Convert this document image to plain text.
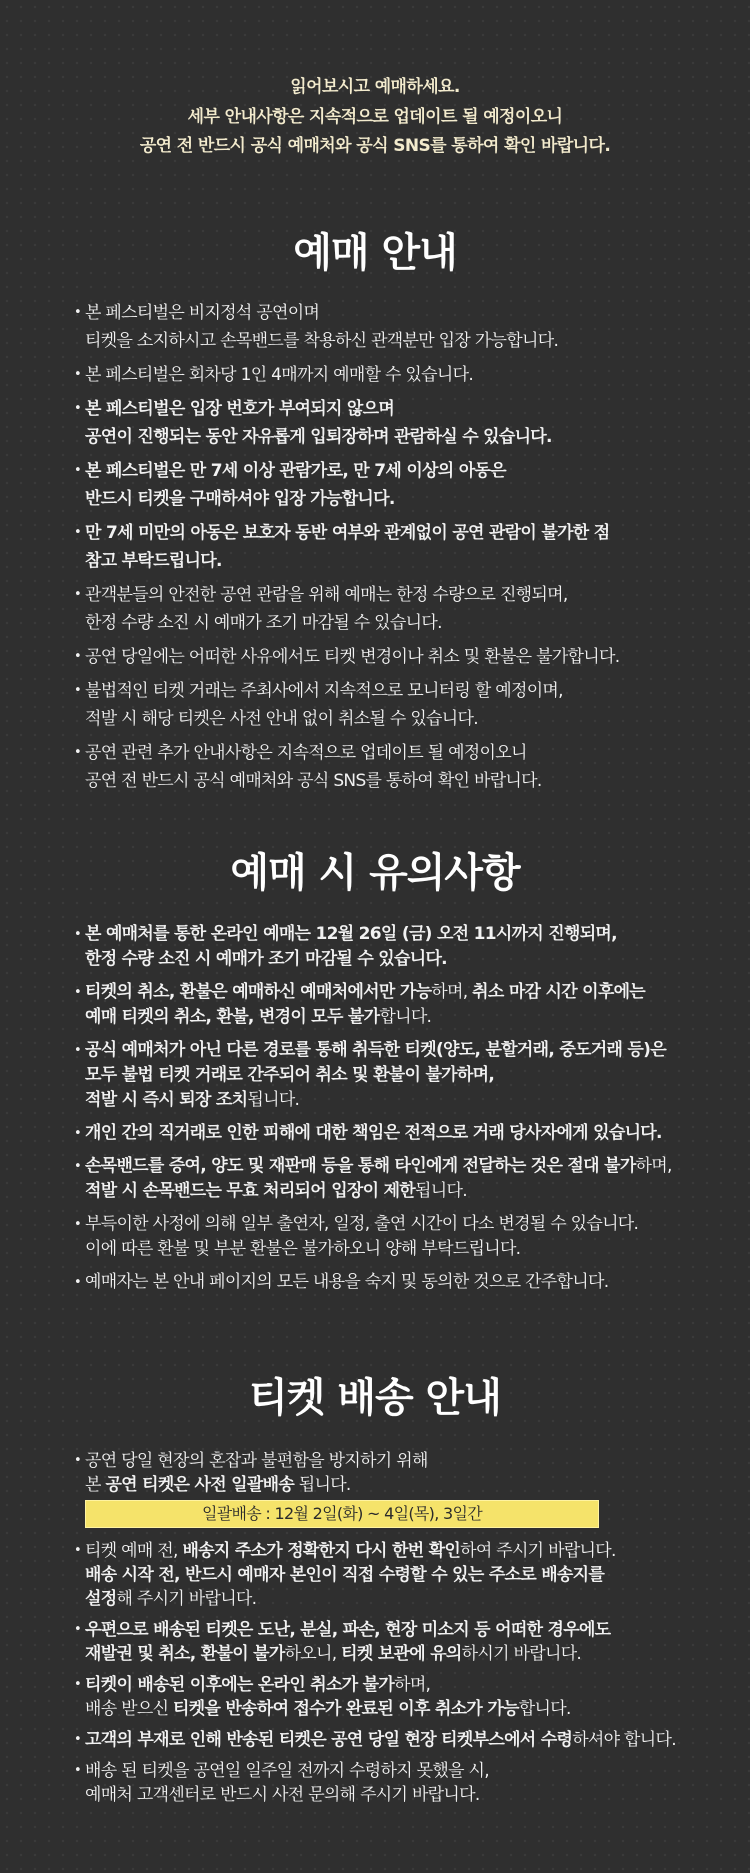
읽어보시고 예매하세요.
세부 안내사항은 지속적으로 업데이트 될 예정이오니
공연 전 반드시 공식 예매처와 공식 SNS를 통하여 확인 바랍니다.
예매 안내
• 본 페스티벌은 비지정석 공연이며
티켓을 소지하시고 손목밴드를 착용하신 관객분만 입장 가능합니다.
• 본 페스티벌은 회차당 1인 4매까지 예매할 수 있습니다.
• 본 페스티벌은 입장 번호가 부여되지 않으며
공연이 진행되는 동안 자유롭게 입퇴장하며 관람하실 수 있습니다.
• 본 페스티벌은 만 7세 이상 관람가로, 만 7세 이상의 아동은
반드시 티켓을 구매하셔야 입장 가능합니다.
• 만 7세 미만의 아동은 보호자 동반 여부와 관계없이 공연 관람이 불가한 점
참고 부탁드립니다.
• 관객분들의 안전한 공연 관람을 위해 예매는 한정 수량으로 진행되며,
한정 수량 소진 시 예매가 조기 마감될 수 있습니다.
• 공연 당일에는 어떠한 사유에서도 티켓 변경이나 취소 및 환불은 불가합니다.
• 불법적인 티켓 거래는 주최사에서 지속적으로 모니터링 할 예정이며,
적발 시 해당 티켓은 사전 안내 없이 취소될 수 있습니다.
• 공연 관련 추가 안내사항은 지속적으로 업데이트 될 예정이오니
공연 전 반드시 공식 예매처와 공식 SNS를 통하여 확인 바랍니다.
예매 시 유의사항
• 본 예매처를 통한 온라인 예매는 12월 26일 (금) 오전 11시까지 진행되며,
한정 수량 소진 시 예매가 조기 마감될 수 있습니다.
• 티켓의 취소, 환불은 예매하신 예매처에서만 가능하며, 취소 마감 시간 이후에는
예매 티켓의 취소, 환불, 변경이 모두 불가합니다.
• 공식 예매처가 아닌 다른 경로를 통해 취득한 티켓(양도, 분할거래, 중도거래 등)은
모두 불법 티켓 거래로 간주되어 취소 및 환불이 불가하며,
적발 시 즉시 퇴장 조치됩니다.
• 개인 간의 직거래로 인한 피해에 대한 책임은 전적으로 거래 당사자에게 있습니다.
• 손목밴드를 증여, 양도 및 재판매 등을 통해 타인에게 전달하는 것은 절대 불가하며,
적발 시 손목밴드는 무효 처리되어 입장이 제한됩니다.
• 부득이한 사정에 의해 일부 출연자, 일정, 출연 시간이 다소 변경될 수 있습니다.
이에 따른 환불 및 부분 환불은 불가하오니 양해 부탁드립니다.
• 예매자는 본 안내 페이지의 모든 내용을 숙지 및 동의한 것으로 간주합니다.
티켓 배송 안내
• 공연 당일 현장의 혼잡과 불편함을 방지하기 위해
본 공연 티켓은 사전 일괄배송 됩니다.
일괄배송 : 12월 2일(화) ~ 4일(목), 3일간
• 티켓 예매 전, 배송지 주소가 정확한지 다시 한번 확인하여 주시기 바랍니다.
배송 시작 전, 반드시 예매자 본인이 직접 수령할 수 있는 주소로 배송지를
설정해 주시기 바랍니다.
• 우편으로 배송된 티켓은 도난, 분실, 파손, 현장 미소지 등 어떠한 경우에도
재발권 및 취소, 환불이 불가하오니, 티켓 보관에 유의하시기 바랍니다.
• 티켓이 배송된 이후에는 온라인 취소가 불가하며,
배송 받으신 티켓을 반송하여 접수가 완료된 이후 취소가 가능합니다.
• 고객의 부재로 인해 반송된 티켓은 공연 당일 현장 티켓부스에서 수령하셔야 합니다.
• 배송 된 티켓을 공연일 일주일 전까지 수령하지 못했을 시,
예매처 고객센터로 반드시 사전 문의해 주시기 바랍니다.
